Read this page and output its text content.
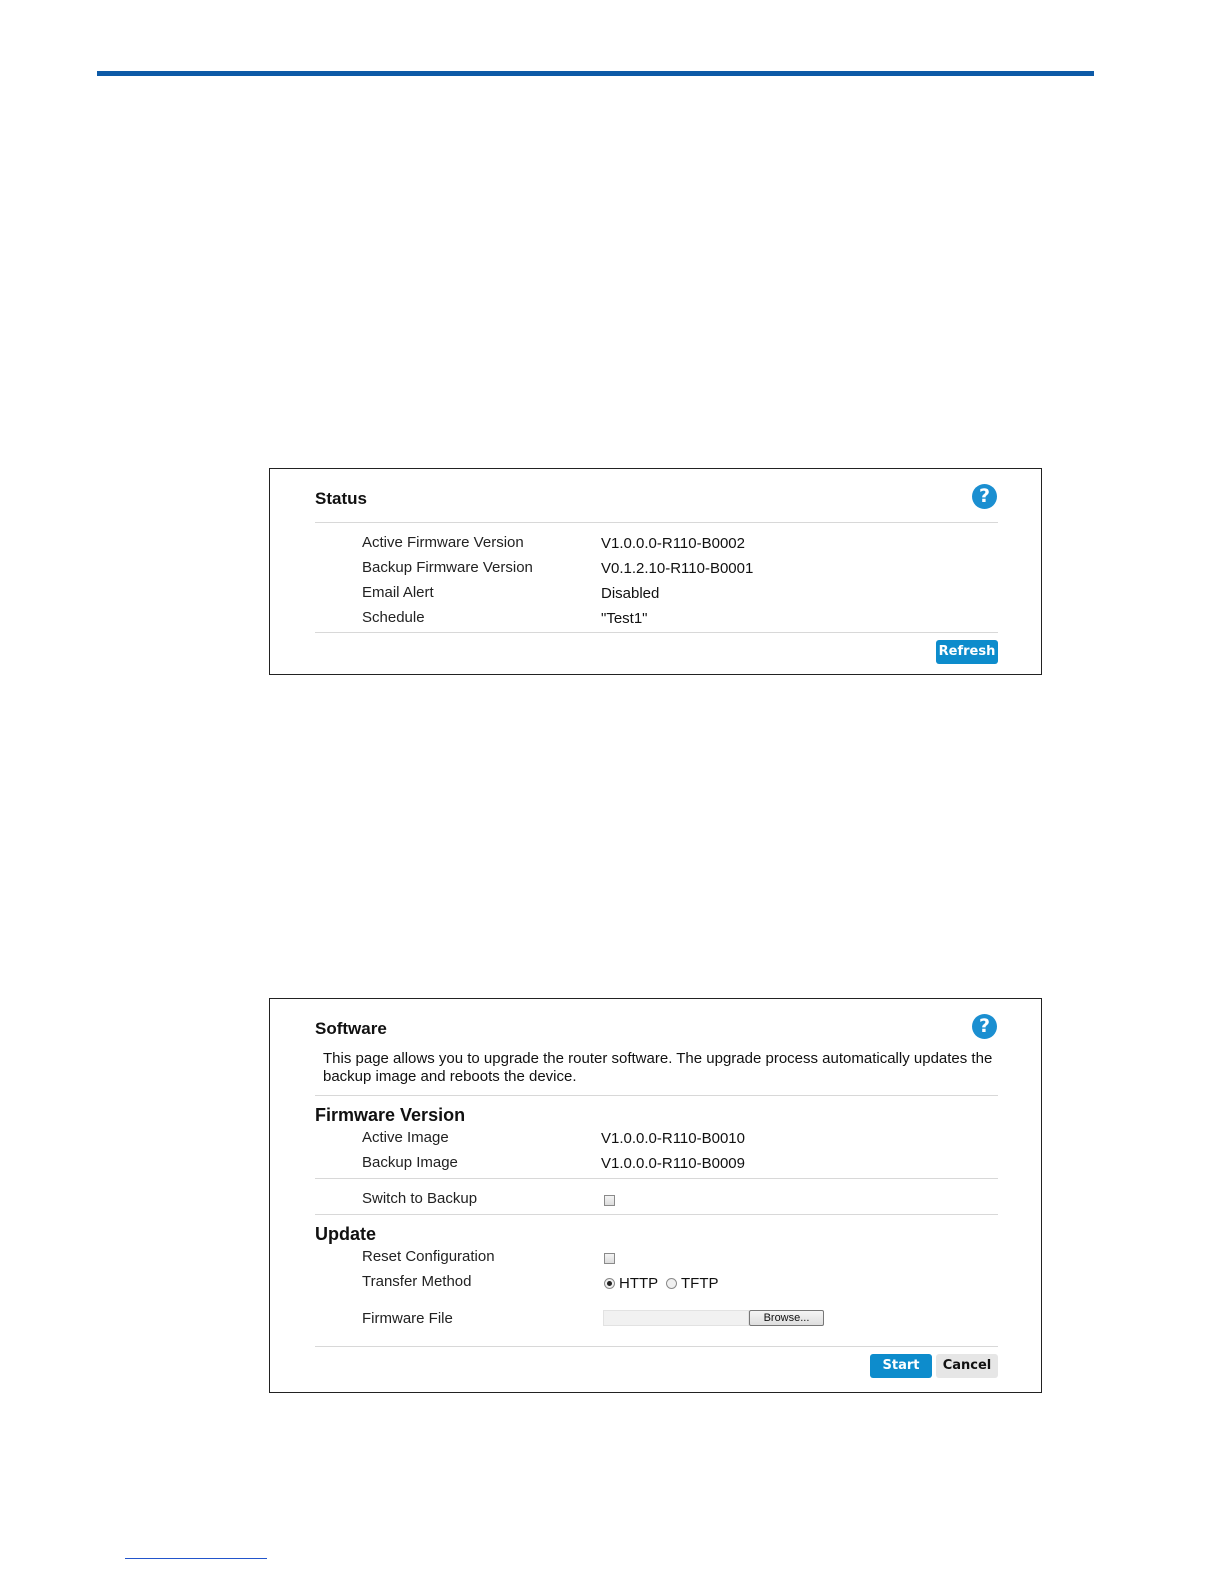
Status	?
Active Firmware Version	V1.0.0.0-R110-B0002
Backup Firmware Version	V0.1.2.10-R110-B0001
Email Alert	Disabled
Schedule	"Test1"
Refresh
Software	?
This page allows you to upgrade the router software. The upgrade process automatically updates the backup image and reboots the device.
Firmware Version
Active Image	V1.0.0.0-R110-B0010
Backup Image	V1.0.0.0-R110-B0009
Switch to Backup
Update
Reset Configuration
Transfer Method	HTTP TFTP
Firmware File	Browse...
Start	Cancel
